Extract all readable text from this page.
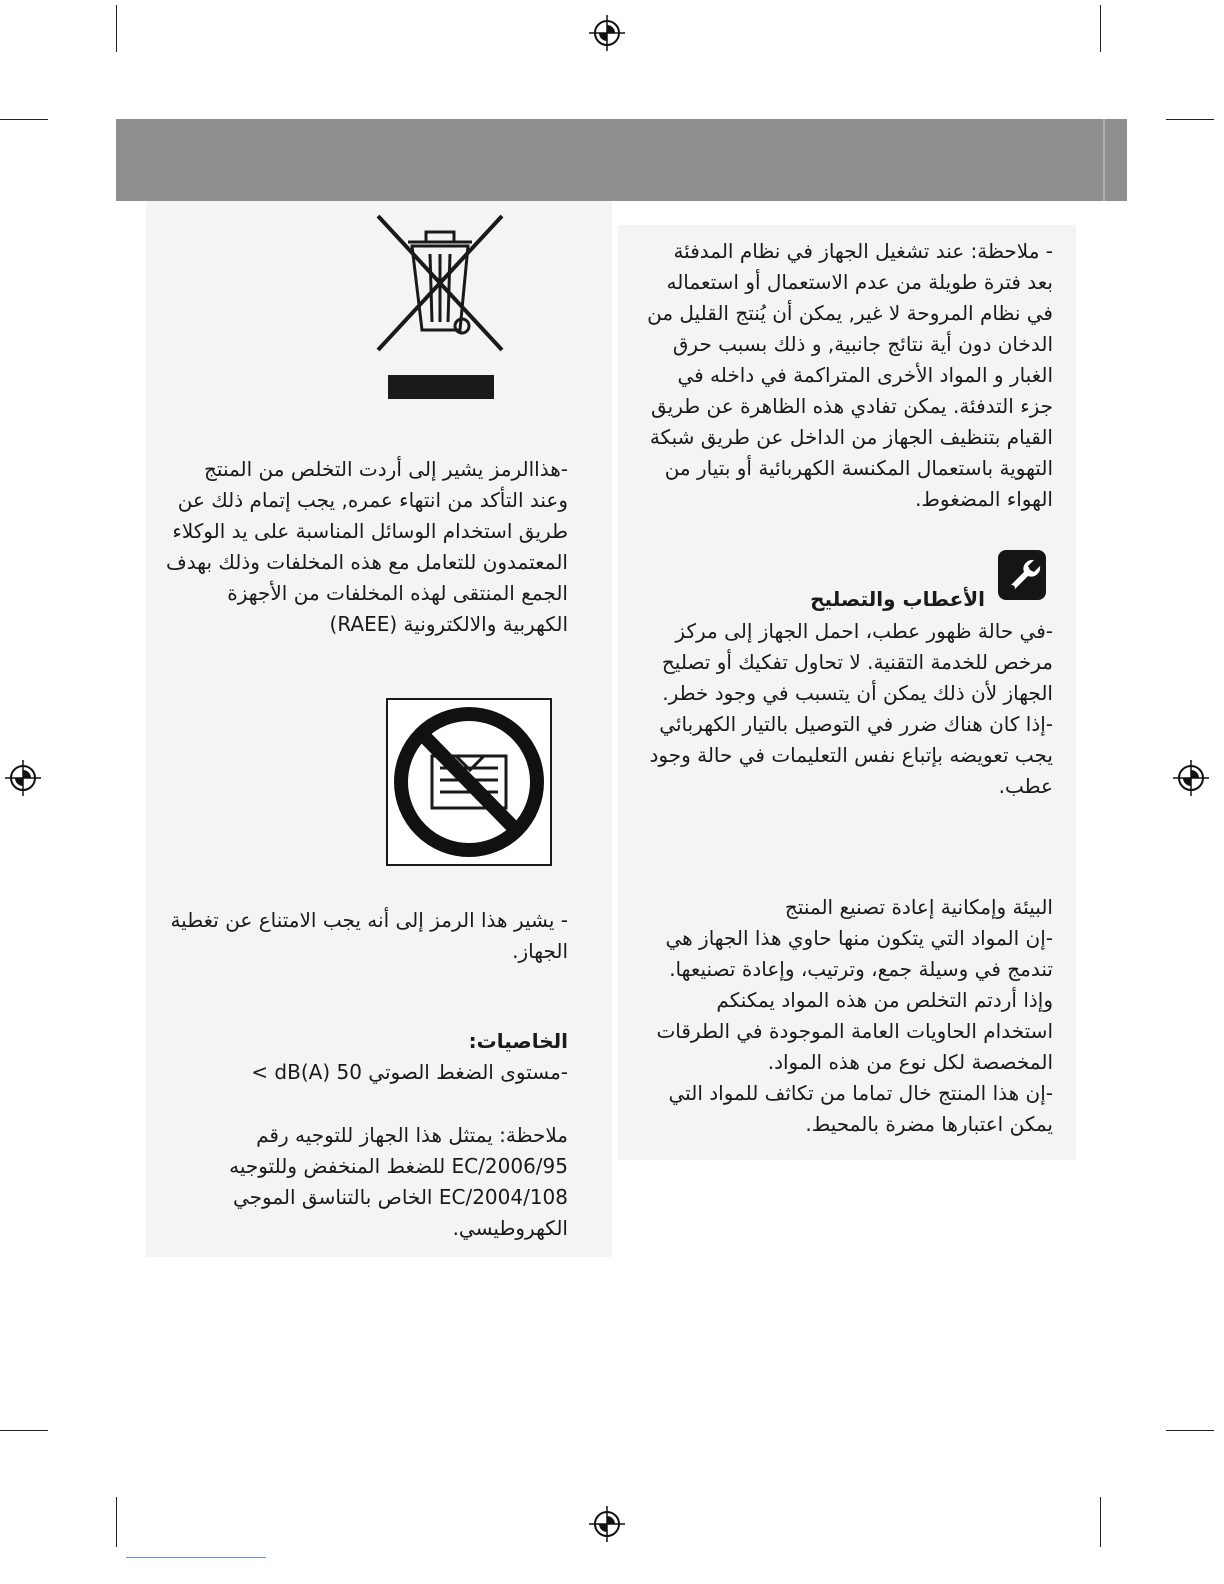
- ملاحظة: عند تشغيل الجهاز في نظام المدفئة بعد فترة طويلة من عدم الاستعمال أو استعماله في نظام المروحة لا غير, يمكن أن يُنتج القليل من الدخان دون أية نتائج جانبية, و ذلك بسبب حرق الغبار و المواد الأخرى المتراكمة في داخله في جزء التدفئة. يمكن تفادي هذه الظاهرة عن طريق القيام بتنظيف الجهاز من الداخل عن طريق شبكة التهوية باستعمال المكنسة الكهربائية أو بتيار من الهواء المضغوط.

الأعطاب والتصليح

-في حالة ظهور عطب، احمل الجهاز إلى مركز مرخص للخدمة التقنية. لا تحاول تفكيك أو تصليح الجهاز لأن ذلك يمكن أن يتسبب في وجود خطر.

-إذا كان هناك ضرر في التوصيل بالتيار الكهربائي يجب تعويضه بإتباع نفس التعليمات في حالة وجود عطب.

البيئة وإمكانية إعادة تصنيع المنتج

-إن المواد التي يتكون منها حاوي هذا الجهاز هي تندمج في وسيلة جمع، وترتيب، وإعادة تصنيعها. وإذا أردتم التخلص من هذه المواد يمكنكم استخدام الحاويات العامة الموجودة في الطرقات المخصصة لكل نوع من هذه المواد.

-إن هذا المنتج خال تماما من تكاثف للمواد التي يمكن اعتبارها مضرة بالمحيط.

-هذاالرمز يشير إلى أردت التخلص من المنتج وعند التأكد من انتهاء عمره, يجب إتمام ذلك عن طريق استخدام الوسائل المناسبة على يد الوكلاء المعتمدون للتعامل مع هذه المخلفات وذلك بهدف الجمع المنتقى لهذه المخلفات من الأجهزة الكهربية والالكترونية (RAEE)

- يشير هذا الرمز إلى أنه يجب الامتناع عن تغطية الجهاز.

الخاصيات:

-مستوى الضغط الصوتي 50 dB(A) >

ملاحظة: يمتثل هذا الجهاز للتوجيه رقم 2006/95/EC للضغط المنخفض وللتوجيه 2004/108/EC الخاص بالتناسق الموجي الكهروطيسي.
